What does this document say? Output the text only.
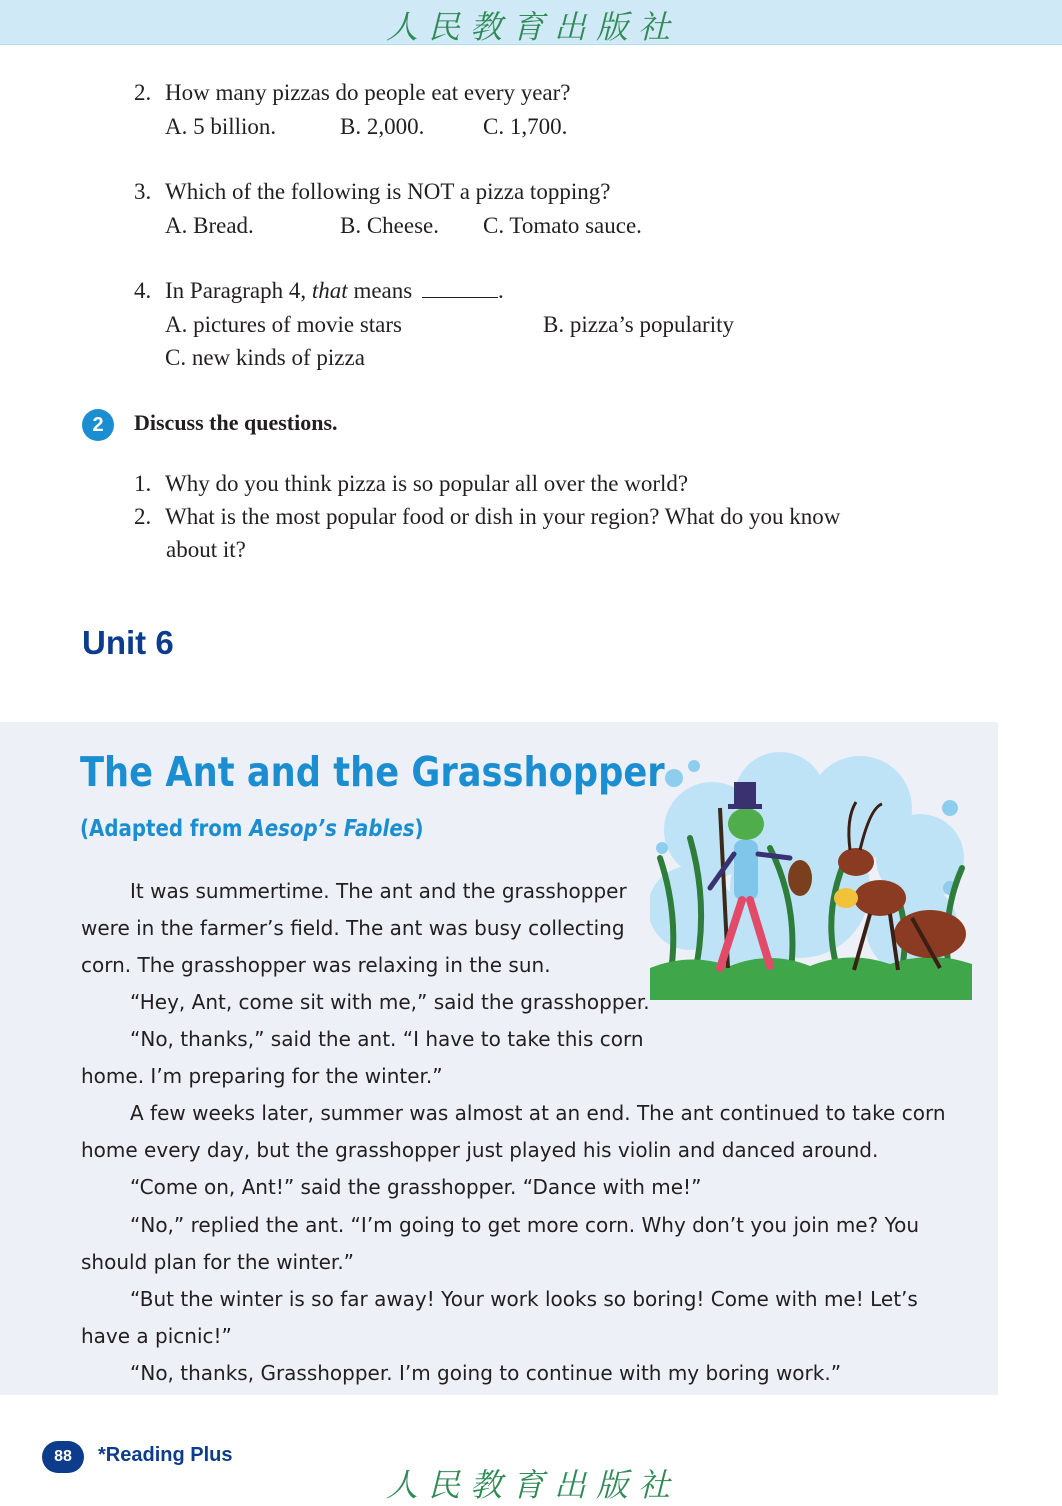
人民教育出版社
2. How many pizzas do people eat every year?
A. 5 billion.	B. 2,000.	C. 1,700.
3. Which of the following is NOT a pizza topping?
A. Bread.	B. Cheese. C. Tomato sauce.
4. In Paragraph 4, that means	.
A. pictures of movie stars	B. pizza’s popularity
C. new kinds of pizza
2	Discuss the questions.
1. Why do you think pizza is so popular all over the world?
2. What is the most popular food or dish in your region? What do you know
about it?
Unit 6
The Ant and the Grasshopper
(Adapted from Aesop’s Fables)
It was summertime. The ant and the grasshopper
were in the farmer’s field. The ant was busy collecting
corn. The grasshopper was relaxing in the sun.
“Hey, Ant, come sit with me,” said the grasshopper.
“No, thanks,” said the ant. “I have to take this corn
home. I’m preparing for the winter.”
A few weeks later, summer was almost at an end. The ant continued to take corn
home every day, but the grasshopper just played his violin and danced around.
“Come on, Ant!” said the grasshopper. “Dance with me!”
“No,” replied the ant. “I’m going to get more corn. Why don’t you join me? You
should plan for the winter.”
“But the winter is so far away! Your work looks so boring! Come with me! Let’s
have a picnic!”
“No, thanks, Grasshopper. I’m going to continue with my boring work.”
88	*Reading Plus
人民教育出版社
